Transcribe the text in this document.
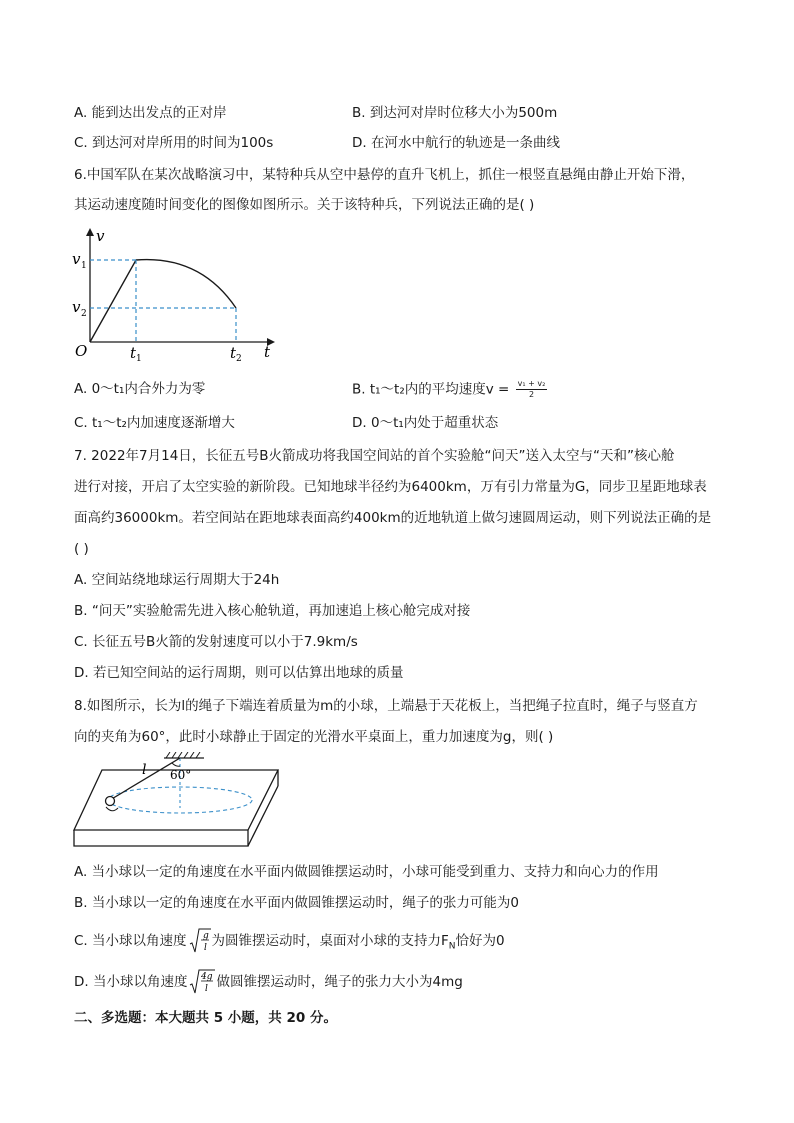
A. 能到达出发点的正对岸	B. 到达河对岸时位移大小为500m
C. 到达河对岸所用的时间为100s	D. 在河水中航行的轨迹是一条曲线
6.中国军队在某次战略演习中，某特种兵从空中悬停的直升飞机上，抓住一根竖直悬绳由静止开始下滑，
其运动速度随时间变化的图像如图所示。关于该特种兵，下列说法正确的是( )
v
t
O
v 1
v 2
t 1	t 2
A. 0～t₁内合外力为零	B. t₁～t₂内的平均速度$v = \frac{\text{v₁ + v₂}}{2}$
C. t₁～t₂内加速度逐渐增大	D. 0～t₁内处于超重状态
7. 2022年7月14日，长征五号B火箭成功将我国空间站的首个实验舱“问天”送入太空与“天和”核心舱
进行对接，开启了太空实验的新阶段。已知地球半径约为6400km，万有引力常量为G，同步卫星距地球表
面高约36000km。若空间站在距地球表面高约400km的近地轨道上做匀速圆周运动，则下列说法正确的是
( )
A. 空间站绕地球运行周期大于24h
B. “问天”实验舱需先进入核心舱轨道，再加速追上核心舱完成对接
C. 长征五号B火箭的发射速度可以小于7.9km/s
D. 若已知空间站的运行周期，则可以估算出地球的质量
8.如图所示，长为l的绳子下端连着质量为m的小球，上端悬于天花板上，当把绳子拉直时，绳子与竖直方
向的夹角为60°，此时小球静止于固定的光滑水平桌面上，重力加速度为g，则( )
l 60°
A. 当小球以一定的角速度在水平面内做圆锥摆运动时，小球可能受到重力、支持力和向心力的作用
B. 当小球以一定的角速度在水平面内做圆锥摆运动时，绳子的张力可能为0
C. 当小球以角速度 g
l 为圆锥摆运动时，桌面对小球的支持力$F_N$恰好为0
D. 当小球以角速度 4g
l 做圆锥摆运动时，绳子的张力大小为4mg
二、多选题：本大题共 5 小题，共 20 分。
